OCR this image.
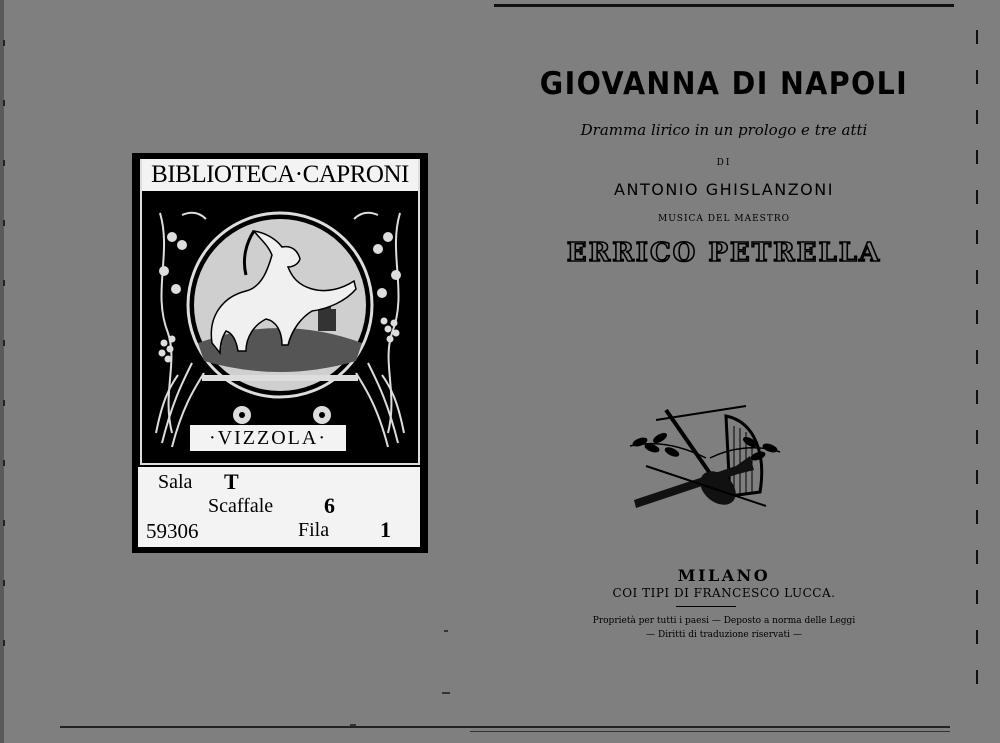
BIBLIOTECA·CAPRONI
·VIZZOLA·
Sala T
Scaffale 6
59306	Fila 1
GIOVANNA DI NAPOLI
Dramma lirico in un prologo e tre atti
DI
ANTONIO GHISLANZONI
MUSICA DEL MAESTRO
ERRICO PETRELLA
MILANO
COI TIPI DI FRANCESCO LUCCA.
Proprietà per tutti i paesi — Deposto a norma delle Leggi
— Diritti di traduzione riservati —
